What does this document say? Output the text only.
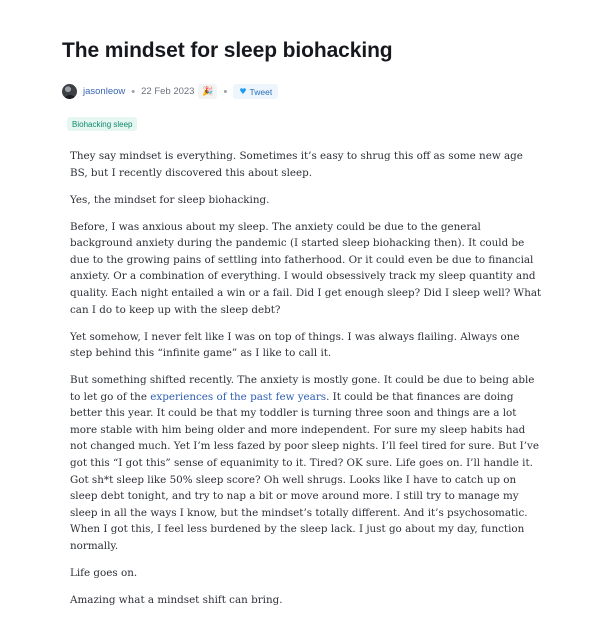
The mindset for sleep biohacking
jasonleow • 22 Feb 2023 🎉 • ♥ Tweet
Biohacking sleep

They say mindset is everything. Sometimes it’s easy to shrug this off as some new age BS, but I recently discovered this about sleep.

Yes, the mindset for sleep biohacking.

Before, I was anxious about my sleep. The anxiety could be due to the general background anxiety during the pandemic (I started sleep biohacking then). It could be due to the growing pains of settling into fatherhood. Or it could even be due to financial anxiety. Or a combination of everything. I would obsessively track my sleep quantity and quality. Each night entailed a win or a fail. Did I get enough sleep? Did I sleep well? What can I do to keep up with the sleep debt?

Yet somehow, I never felt like I was on top of things. I was always flailing. Always one step behind this “infinite game” as I like to call it.

But something shifted recently. The anxiety is mostly gone. It could be due to being able to let go of the experiences of the past few years. It could be that finances are doing better this year. It could be that my toddler is turning three soon and things are a lot more stable with him being older and more independent. For sure my sleep habits had not changed much. Yet I’m less fazed by poor sleep nights. I’ll feel tired for sure. But I’ve got this “I got this” sense of equanimity to it. Tired? OK sure. Life goes on. I’ll handle it. Got sh*t sleep like 50% sleep score? Oh well shrugs. Looks like I have to catch up on sleep debt tonight, and try to nap a bit or move around more. I still try to manage my sleep in all the ways I know, but the mindset’s totally different. And it’s psychosomatic. When I got this, I feel less burdened by the sleep lack. I just go about my day, function normally.

Life goes on.

Amazing what a mindset shift can bring.
